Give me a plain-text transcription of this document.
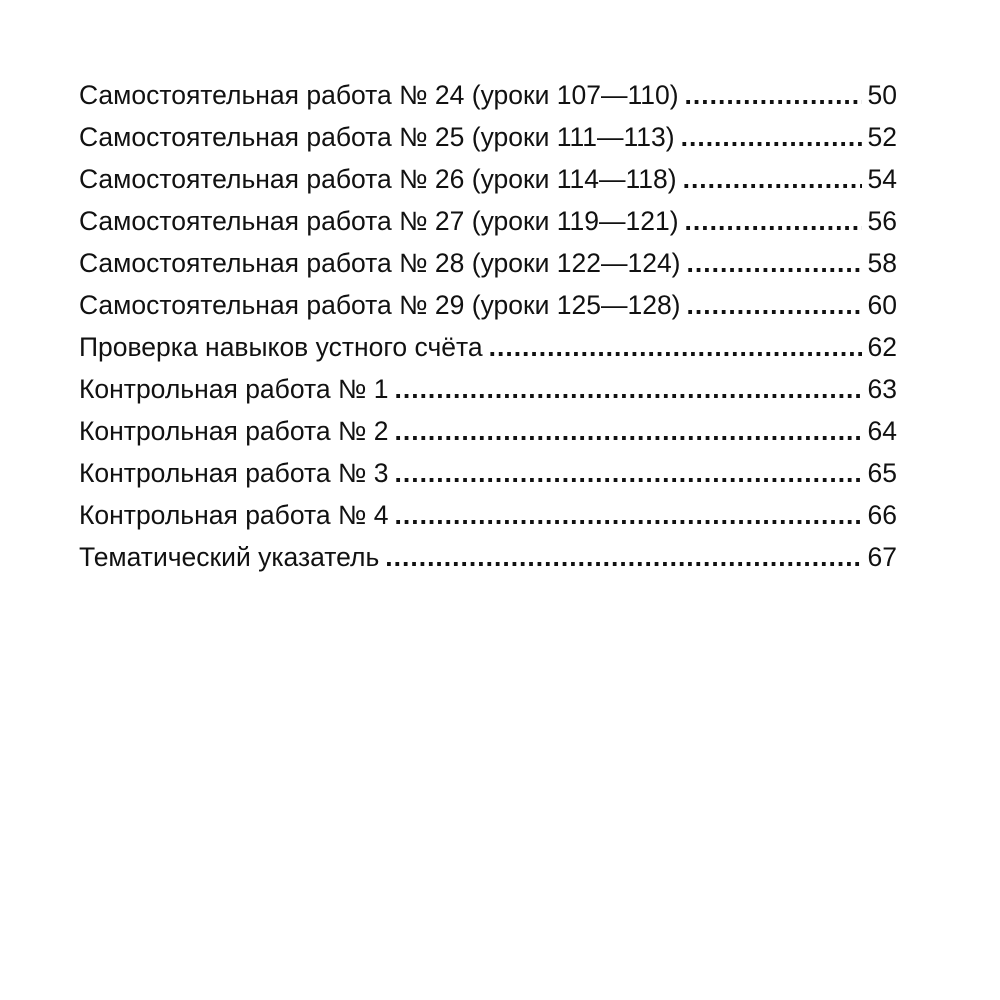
Самостоятельная работа № 24 (уроки 107—110) .....	50
Самостоятельная работа № 25 (уроки 111—113) .....	52
Самостоятельная работа № 26 (уроки 114—118) .....	54
Самостоятельная работа № 27 (уроки 119—121) .....	56
Самостоятельная работа № 28 (уроки 122—124) .....	58
Самостоятельная работа № 29 (уроки 125—128) .....	60
Проверка навыков устного счёта .....	62
Контрольная работа № 1 .....	63
Контрольная работа № 2 .....	64
Контрольная работа № 3 .....	65
Контрольная работа № 4 .....	66
Тематический указатель .....	67
